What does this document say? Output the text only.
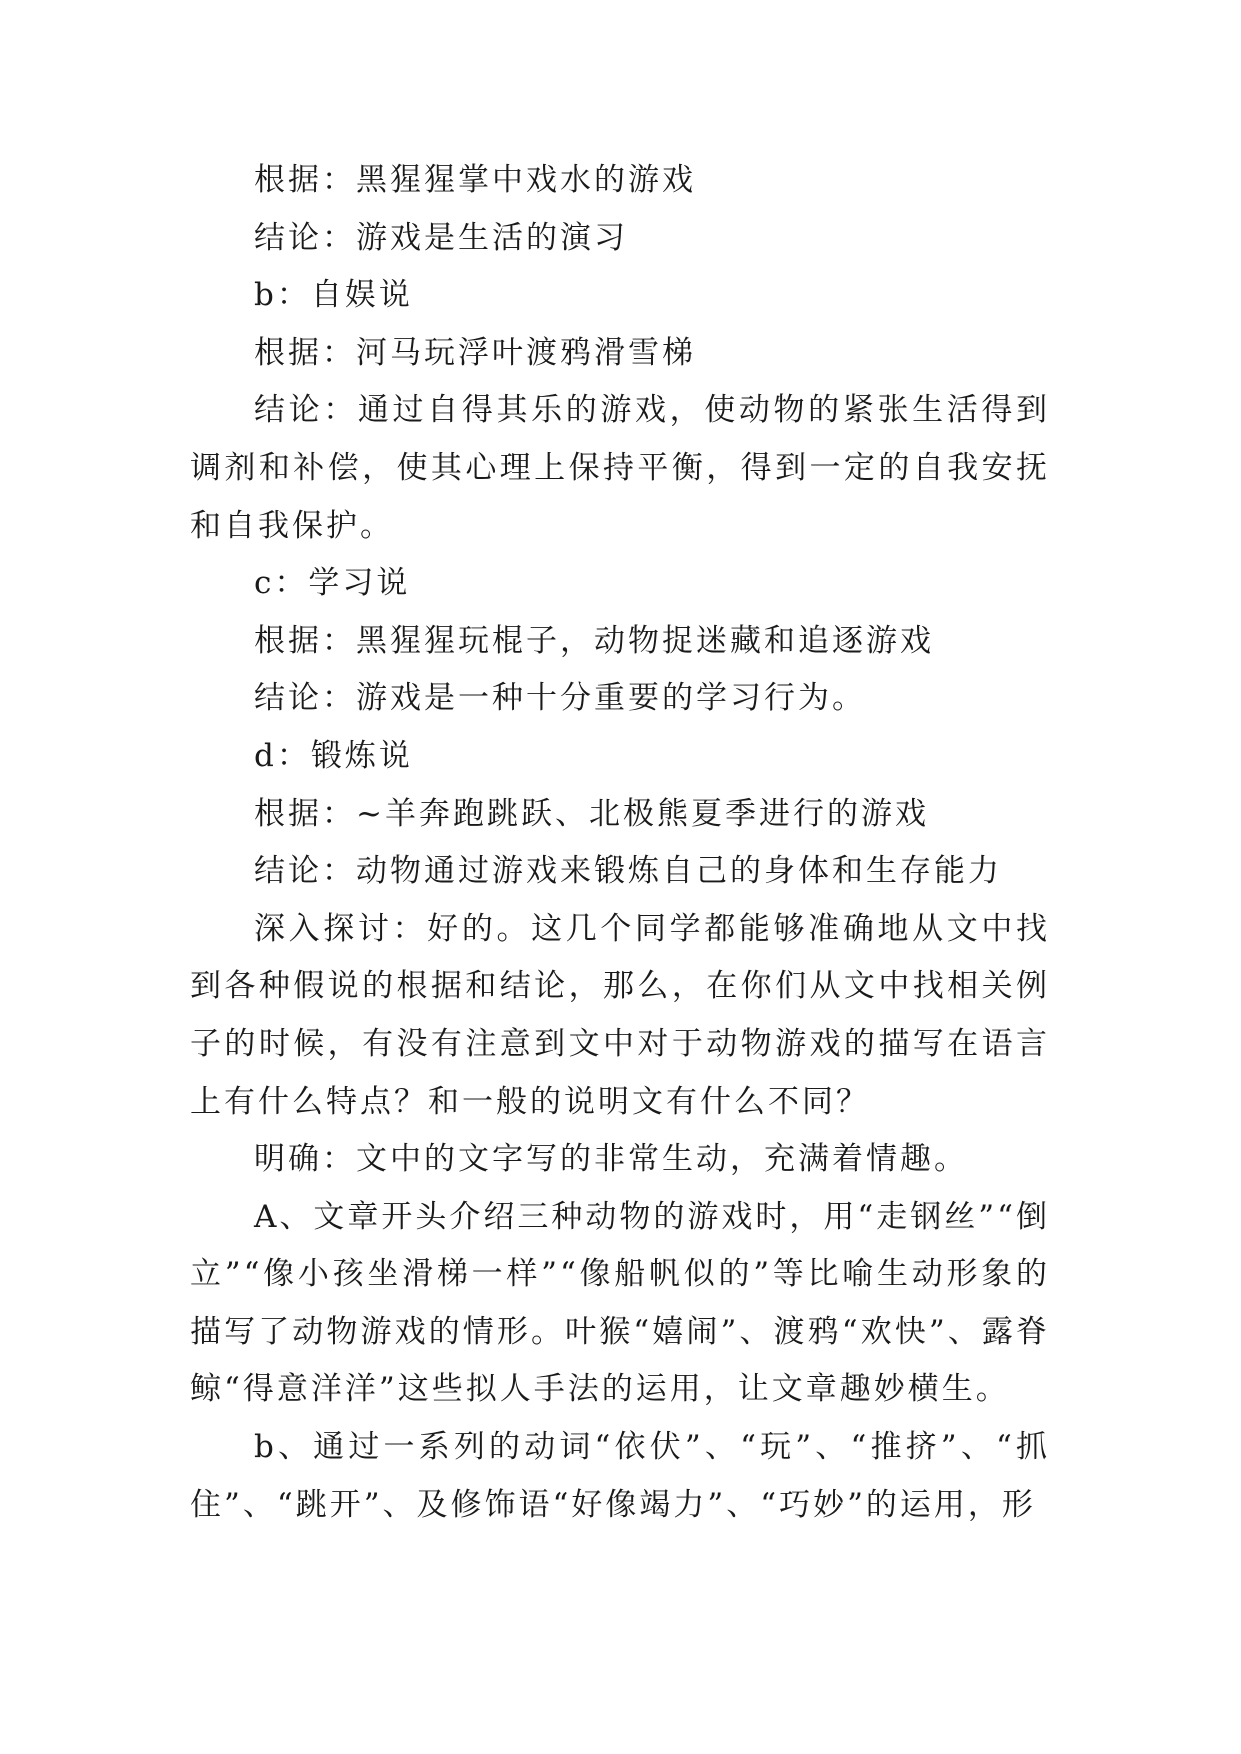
根据：黑猩猩掌中戏水的游戏
结论：游戏是生活的演习
b：自娱说
根据：河马玩浮叶渡鸦滑雪梯

结论：通过自得其乐的游戏，使动物的紧张生活得到调剂和补偿，使其心理上保持平衡，得到一定的自我安抚和自我保护。

c：学习说
根据：黑猩猩玩棍子，动物捉迷藏和追逐游戏
结论：游戏是一种十分重要的学习行为。
d：锻炼说
根据：~羊奔跑跳跃、北极熊夏季进行的游戏
结论：动物通过游戏来锻炼自己的身体和生存能力

深入探讨：好的。这几个同学都能够准确地从文中找到各种假说的根据和结论，那么，在你们从文中找相关例子的时候，有没有注意到文中对于动物游戏的描写在语言上有什么特点？和一般的说明文有什么不同？

明确：文中的文字写的非常生动，充满着情趣。

A、文章开头介绍三种动物的游戏时，用“走钢丝”“倒立”“像小孩坐滑梯一样”“像船帆似的”等比喻生动形象的描写了动物游戏的情形。叶猴“嬉闹”、渡鸦“欢快”、露脊鲸“得意洋洋”这些拟人手法的运用，让文章趣妙横生。

b、通过一系列的动词“依伏”、“玩”、“推挤”、“抓住”、“跳开”、及修饰语“好像竭力”、“巧妙”的运用，形
